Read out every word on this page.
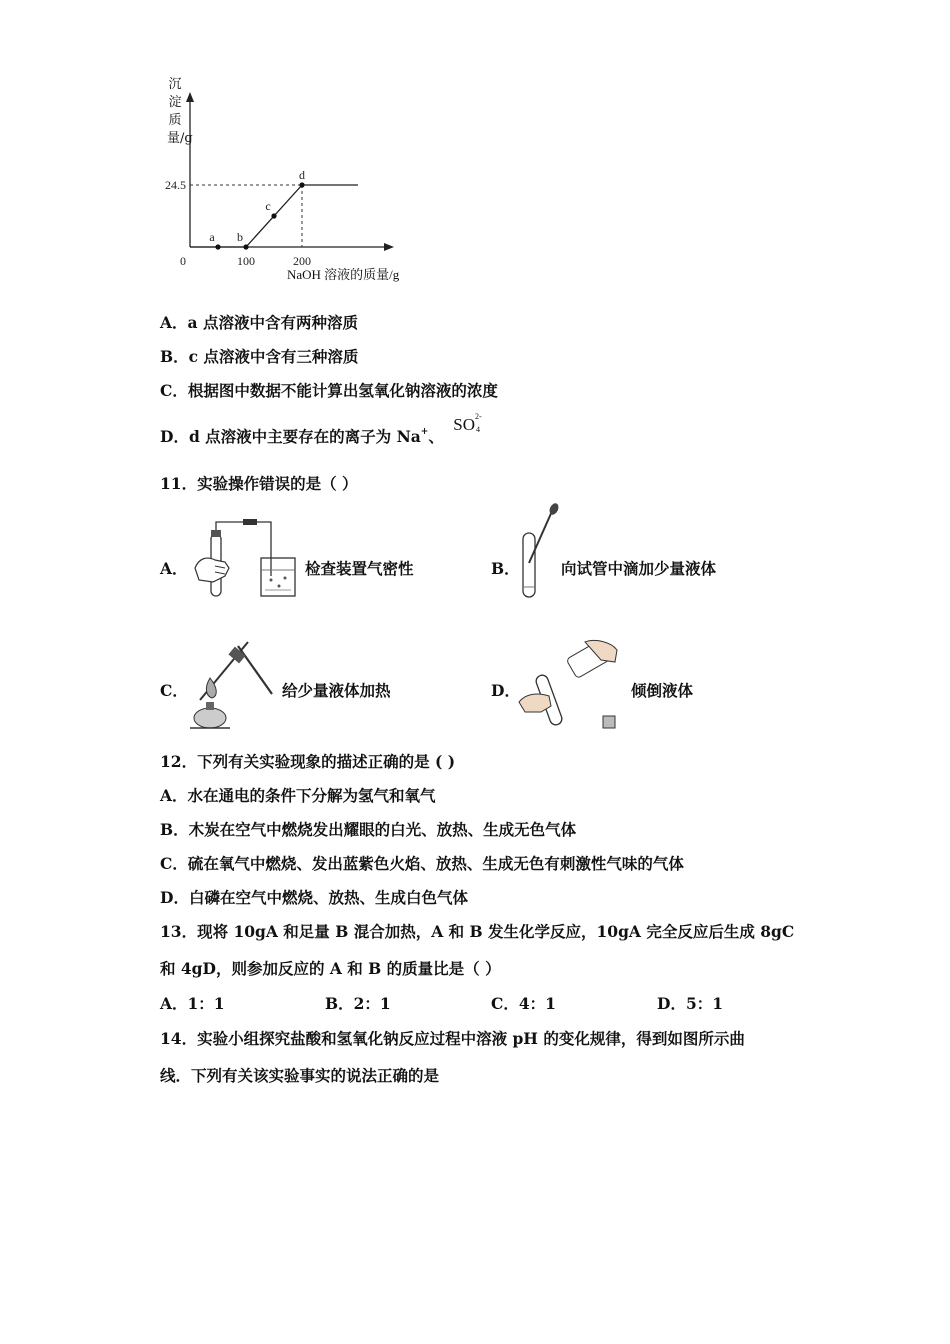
沉淀质量/g
24.5
0	100	200
a b
c
d
NaOH 溶液的质量/g
A．a 点溶液中含有两种溶质
B．c 点溶液中含有三种溶质
C．根据图中数据不能计算出氢氧化钠溶液的浓度
D．d 点溶液中主要存在的离子为 Na+、 SO 2-
4
11．实验操作错误的是（ ）
A．	检查装置气密性	B．	向试管中滴加少量液体
C．	给少量液体加热	D．	倾倒液体
12．下列有关实验现象的描述正确的是 ( )
A．水在通电的条件下分解为氢气和氧气
B．木炭在空气中燃烧发出耀眼的白光、放热、生成无色气体
C．硫在氧气中燃烧、发出蓝紫色火焰、放热、生成无色有刺激性气味的气体
D．白磷在空气中燃烧、放热、生成白色气体
13．现将 10gA 和足量 B 混合加热，A 和 B 发生化学反应，10gA 完全反应后生成 8gC
和 4gD，则参加反应的 A 和 B 的质量比是（ ）
A．1：1	B．2：1	C．4：1	D．5：1
14．实验小组探究盐酸和氢氧化钠反应过程中溶液 pH 的变化规律，得到如图所示曲
线．下列有关该实验事实的说法正确的是
